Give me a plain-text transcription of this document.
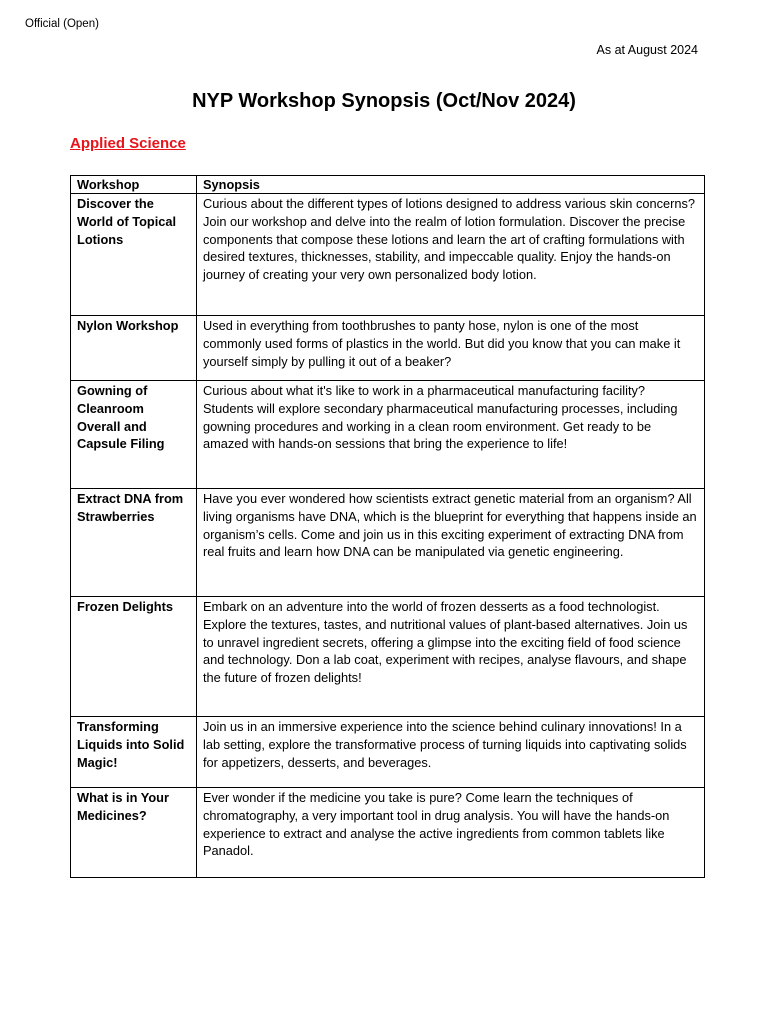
Official (Open)
As at August 2024
NYP Workshop Synopsis (Oct/Nov 2024)
Applied Science
Workshop	Synopsis
Discover the World of Topical Lotions	Curious about the different types of lotions designed to address various skin concerns? Join our workshop and delve into the realm of lotion formulation. Discover the precise components that compose these lotions and learn the art of crafting formulations with desired textures, thicknesses, stability, and impeccable quality. Enjoy the hands-on journey of creating your very own personalized body lotion.
Nylon Workshop	Used in everything from toothbrushes to panty hose, nylon is one of the most commonly used forms of plastics in the world. But did you know that you can make it yourself simply by pulling it out of a beaker?
Gowning of Cleanroom Overall and Capsule Filing	Curious about what it's like to work in a pharmaceutical manufacturing facility? Students will explore secondary pharmaceutical manufacturing processes, including gowning procedures and working in a clean room environment. Get ready to be amazed with hands-on sessions that bring the experience to life!
Extract DNA from Strawberries	Have you ever wondered how scientists extract genetic material from an organism? All living organisms have DNA, which is the blueprint for everything that happens inside an organism’s cells. Come and join us in this exciting experiment of extracting DNA from real fruits and learn how DNA can be manipulated via genetic engineering.
Frozen Delights	Embark on an adventure into the world of frozen desserts as a food technologist. Explore the textures, tastes, and nutritional values of plant-based alternatives. Join us to unravel ingredient secrets, offering a glimpse into the exciting field of food science and technology. Don a lab coat, experiment with recipes, analyse flavours, and shape the future of frozen delights!
Transforming Liquids into Solid Magic!	Join us in an immersive experience into the science behind culinary innovations! In a lab setting, explore the transformative process of turning liquids into captivating solids for appetizers, desserts, and beverages.
What is in Your Medicines?	Ever wonder if the medicine you take is pure? Come learn the techniques of chromatography, a very important tool in drug analysis. You will have the hands-on experience to extract and analyse the active ingredients from common tablets like Panadol.
